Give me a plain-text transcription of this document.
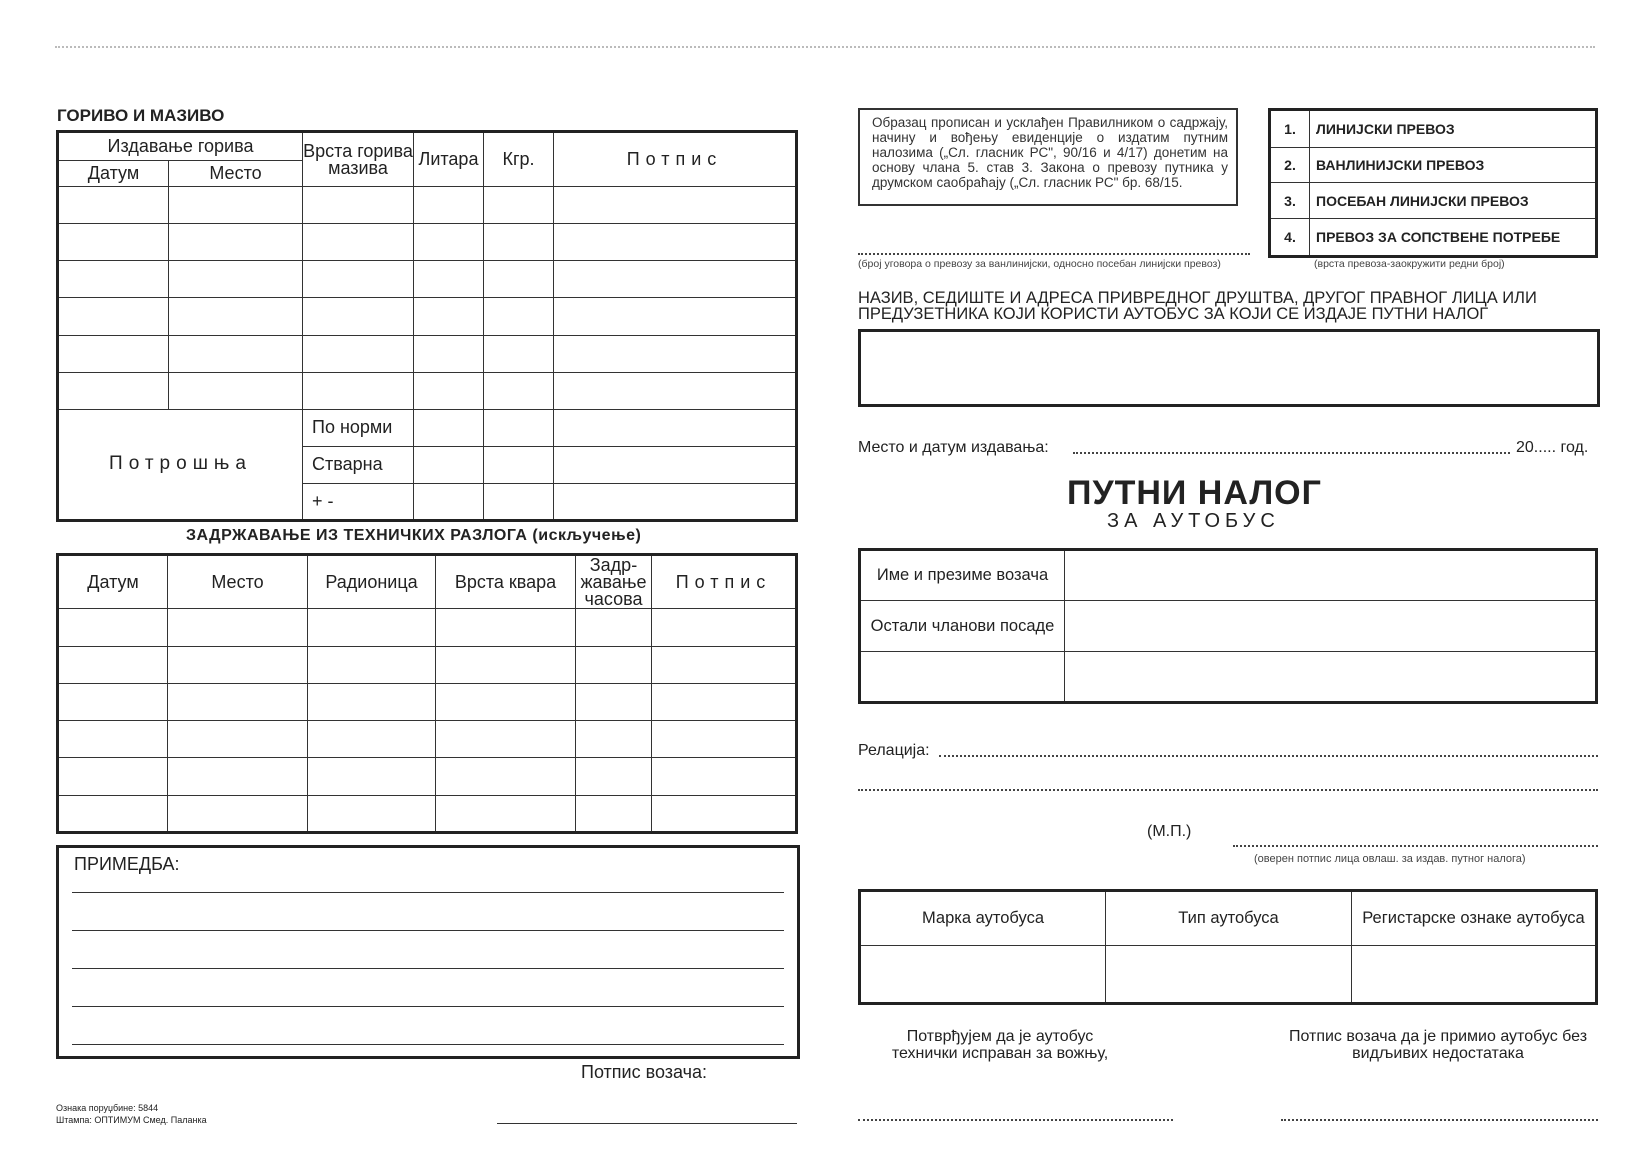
ГОРИВО И МАЗИВО
Издавање горива		Врста горива мазива	Литара	Кгр.	Потпис
Датум	Место				

Потрошња		По норми			
		Стварна			
		+ -			
ЗАДРЖАВАЊЕ ИЗ ТЕХНИЧКИХ РАЗЛОГА (искључење)
Датум	Место	Радионица	Врста квара	Задр-жавање часова	Потпис

ПРИМЕДБА:
Потпис возача:
Ознака поруџбине: 5844
Штампа: ОПТИМУМ Смед. Паланка
Образац прописан и усклађен Правилником о садржају, начину и вођењу евиденције о издатим путним налозима („Сл. гласник РС", 90/16 и 4/17) донетим на основу члана 5. став 3. Закона о превозу путника у друмском саобраћају („Сл. гласник РС" бр. 68/15.
(број уговора о превозу за ванлинијски, односно посебан линијски превоз)
1.	ЛИНИЈСКИ ПРЕВОЗ
2.	ВАНЛИНИЈСКИ ПРЕВОЗ
3.	ПОСЕБАН ЛИНИЈСКИ ПРЕВОЗ
4.	ПРЕВОЗ ЗА СОПСТВЕНЕ ПОТРЕБЕ
(врста превоза-заокружити редни број)
НАЗИВ, СЕДИШТЕ И АДРЕСА ПРИВРЕДНОГ ДРУШТВА, ДРУГОГ ПРАВНОГ ЛИЦА ИЛИ ПРЕДУЗЕТНИКА КОЈИ КОРИСТИ АУТОБУС ЗА КОЈИ СЕ ИЗДАЈЕ ПУТНИ НАЛОГ
Место и датум издавања:	20..... год.
ПУТНИ НАЛОГ
ЗА АУТОБУС
Име и презиме возача	
Остали чланови посаде	

Релација:
(М.П.)
(оверен потпис лица овлаш. за издав. путног налога)
Марка аутобуса	Тип аутобуса	Регистарске ознаке аутобуса

Потврђујем да је аутобус технички исправан за вожњу,
Потпис возача да је примио аутобус без видљивих недостатака
